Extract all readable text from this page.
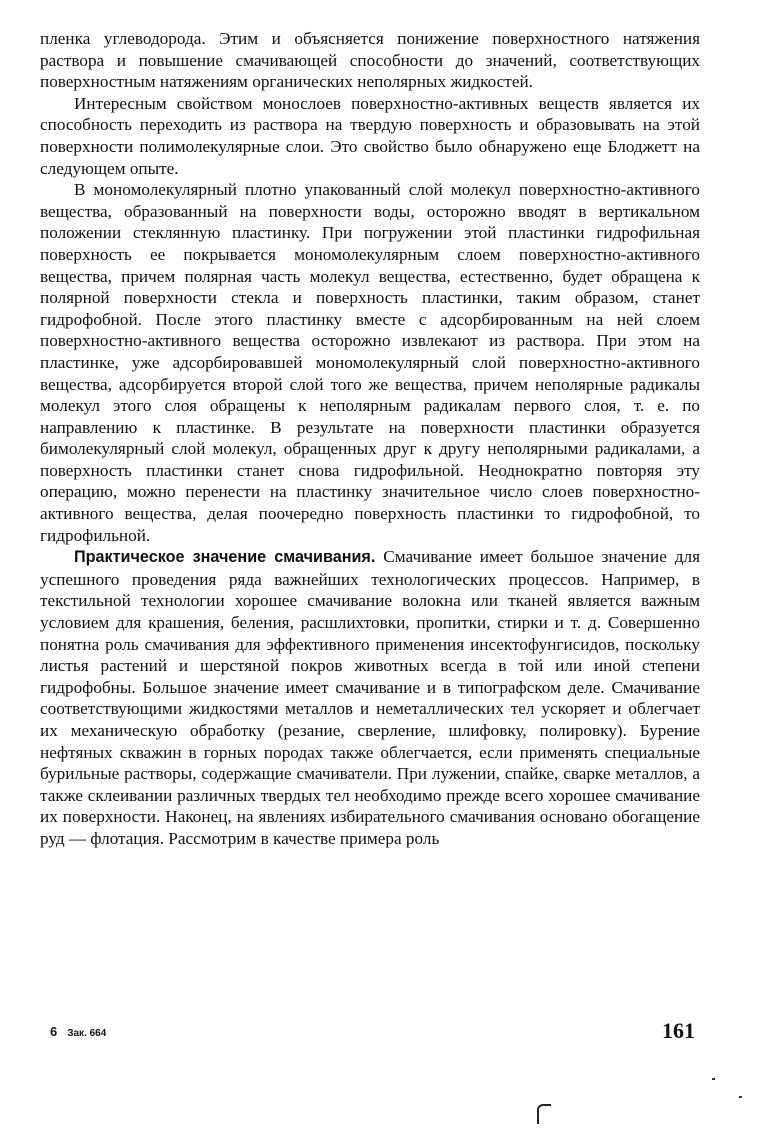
пленка углеводорода. Этим и объясняется понижение поверхностного натяжения раствора и повышение смачивающей способности до значений, соответствующих поверхностным натяжениям органических неполярных жидкостей.

Интересным свойством монослоев поверхностно-активных веществ является их способность переходить из раствора на твердую поверхность и образовывать на этой поверхности полимолекулярные слои. Это свойство было обнаружено еще Блоджетт на следующем опыте.

В мономолекулярный плотно упакованный слой молекул поверхностно-активного вещества, образованный на поверхности воды, осторожно вводят в вертикальном положении стеклянную пластинку. При погружении этой пластинки гидрофильная поверхность ее покрывается мономолекулярным слоем поверхностно-активного вещества, причем полярная часть молекул вещества, естественно, будет обращена к полярной поверхности стекла и поверхность пластинки, таким образом, станет гидрофобной. После этого пластинку вместе с адсорбированным на ней слоем поверхностно-активного вещества осторожно извлекают из раствора. При этом на пластинке, уже адсорбировавшей мономолекулярный слой поверхностно-активного вещества, адсорбируется второй слой того же вещества, причем неполярные радикалы молекул этого слоя обращены к неполярным радикалам первого слоя, т. е. по направлению к пластинке. В результате на поверхности пластинки образуется бимолекулярный слой молекул, обращенных друг к другу неполярными радикалами, а поверхность пластинки станет снова гидрофильной. Неоднократно повторяя эту операцию, можно перенести на пластинку значительное число слоев поверхностно-активного вещества, делая поочередно поверхность пластинки то гидрофобной, то гидрофильной.

Практическое значение смачивания. Смачивание имеет большое значение для успешного проведения ряда важнейших технологических процессов. Например, в текстильной технологии хорошее смачивание волокна или тканей является важным условием для крашения, беления, расшлихтовки, пропитки, стирки и т. д. Совершенно понятна роль смачивания для эффективного применения инсектофунгисидов, поскольку листья растений и шерстяной покров животных всегда в той или иной степени гидрофобны. Большое значение имеет смачивание и в типографском деле. Смачивание соответствующими жидкостями металлов и неметаллических тел ускоряет и облегчает их механическую обработку (резание, сверление, шлифовку, полировку). Бурение нефтяных скважин в горных породах также облегчается, если применять специальные бурильные растворы, содержащие смачиватели. При лужении, спайке, сварке металлов, а также склеивании различных твердых тел необходимо прежде всего хорошее смачивание их поверхности. Наконец, на явлениях избирательного смачивания основано обогащение руд — флотация. Рассмотрим в качестве примера роль

6 Зак. 664	161
